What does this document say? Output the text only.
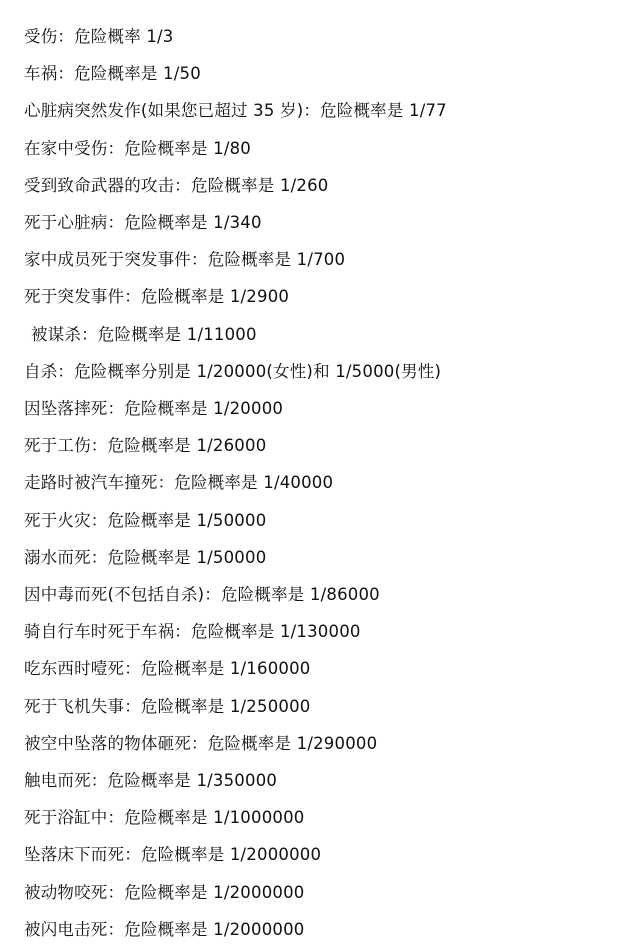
受伤：危险概率 1/3
车祸：危险概率是 1/50
心脏病突然发作(如果您已超过 35 岁)：危险概率是 1/77
在家中受伤：危险概率是 1/80
受到致命武器的攻击：危险概率是 1/260
死于心脏病：危险概率是 1/340
家中成员死于突发事件：危险概率是 1/700
死于突发事件：危险概率是 1/2900
被谋杀：危险概率是 1/11000
自杀：危险概率分别是 1/20000(女性)和 1/5000(男性)
因坠落摔死：危险概率是 1/20000
死于工伤：危险概率是 1/26000
走路时被汽车撞死：危险概率是 1/40000
死于火灾：危险概率是 1/50000
溺水而死：危险概率是 1/50000
因中毒而死(不包括自杀)：危险概率是 1/86000
骑自行车时死于车祸：危险概率是 1/130000
吃东西时噎死：危险概率是 1/160000
死于飞机失事：危险概率是 1/250000
被空中坠落的物体砸死：危险概率是 1/290000
触电而死：危险概率是 1/350000
死于浴缸中：危险概率是 1/1000000
坠落床下而死：危险概率是 1/2000000
被动物咬死：危险概率是 1/2000000
被闪电击死：危险概率是 1/2000000
